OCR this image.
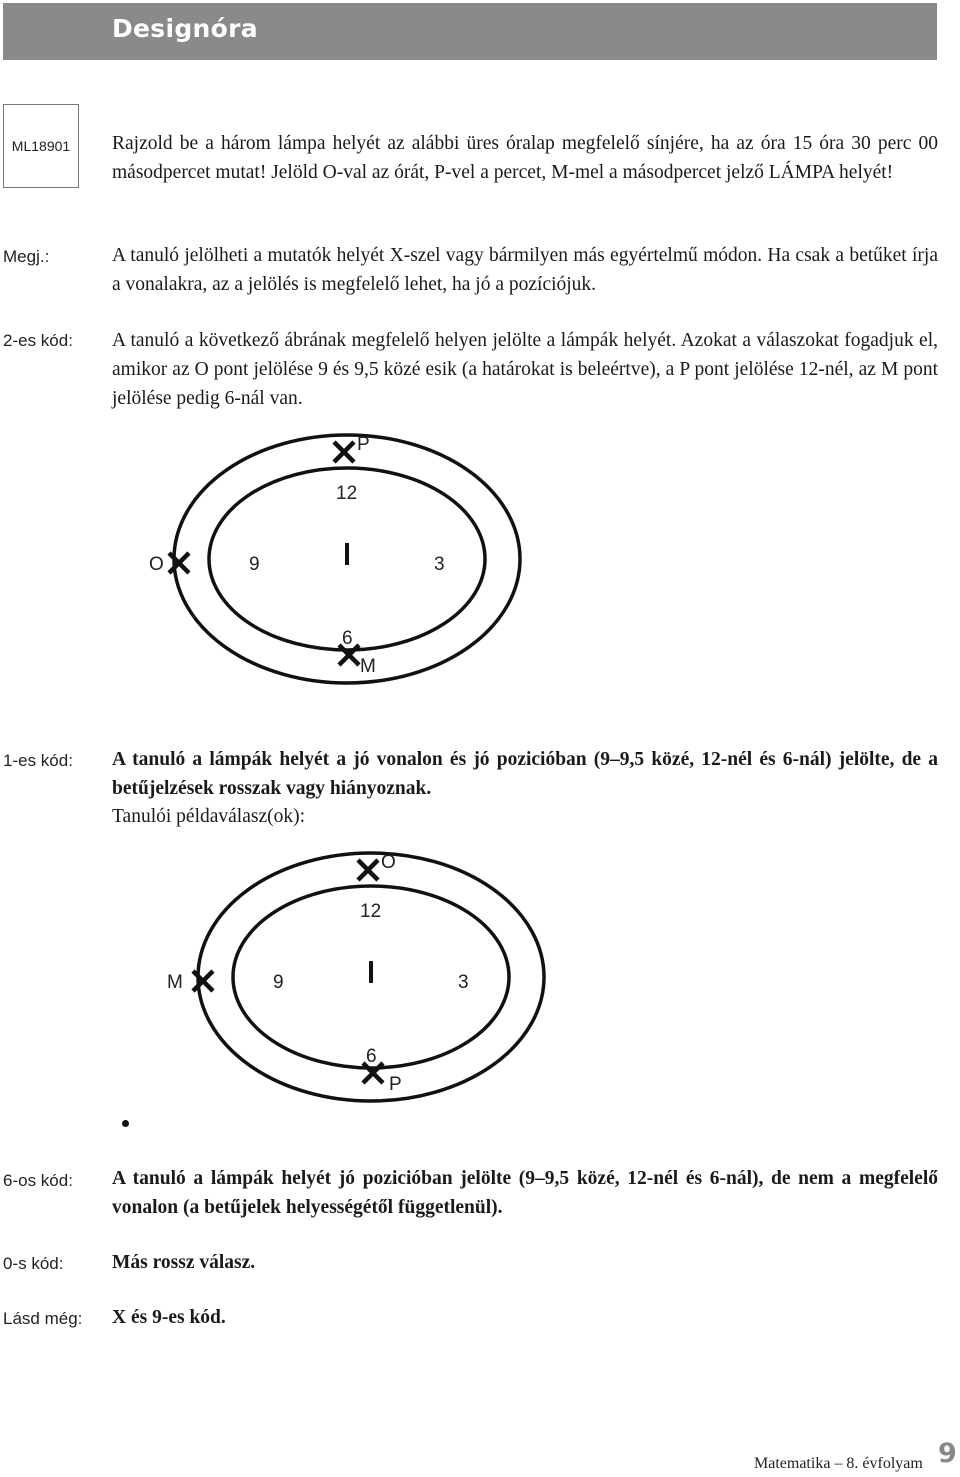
Designóra
ML18901 Rajzold be a három lámpa helyét az alábbi üres óralap megfelelő sínjére, ha az óra 15 óra 30 perc 00 másodpercet mutat! Jelöld O-val az órát, P-vel a percet, M-mel a másodpercet jelző LÁMPA helyét!
Megj.:	A tanuló jelölheti a mutatók helyét X-szel vagy bármilyen más egyértelmű módon. Ha csak a betűket írja a vonalakra, az a jelölés is megfelelő lehet, ha jó a pozíciójuk.
2-es kód: A tanuló a következő ábrának megfelelő helyen jelölte a lámpák helyét. Azokat a válaszokat fogadjuk el, amikor az O pont jelölése 9 és 9,5 közé esik (a határokat is beleértve), a P pont jelölése 12-nél, az M pont jelölése pedig 6-nál van.
12
3
6
9
P
O
M
1-es kód: A tanuló a lámpák helyét a jó vonalon és jó pozicióban (9–9,5 közé, 12-nél és 6-nál) jelölte, de a betűjelzések rosszak vagy hiányoznak.
Tanulói példaválasz(ok):
12
3
6
9
O
M
P
6-os kód: A tanuló a lámpák helyét jó pozicióban jelölte (9–9,5 közé, 12-nél és 6-nál), de nem a megfelelő vonalon (a betűjelek helyességétől függetlenül).
0-s kód: Más rossz válasz.
Lásd még: X és 9-es kód.
Matematika – 8. évfolyam 9
